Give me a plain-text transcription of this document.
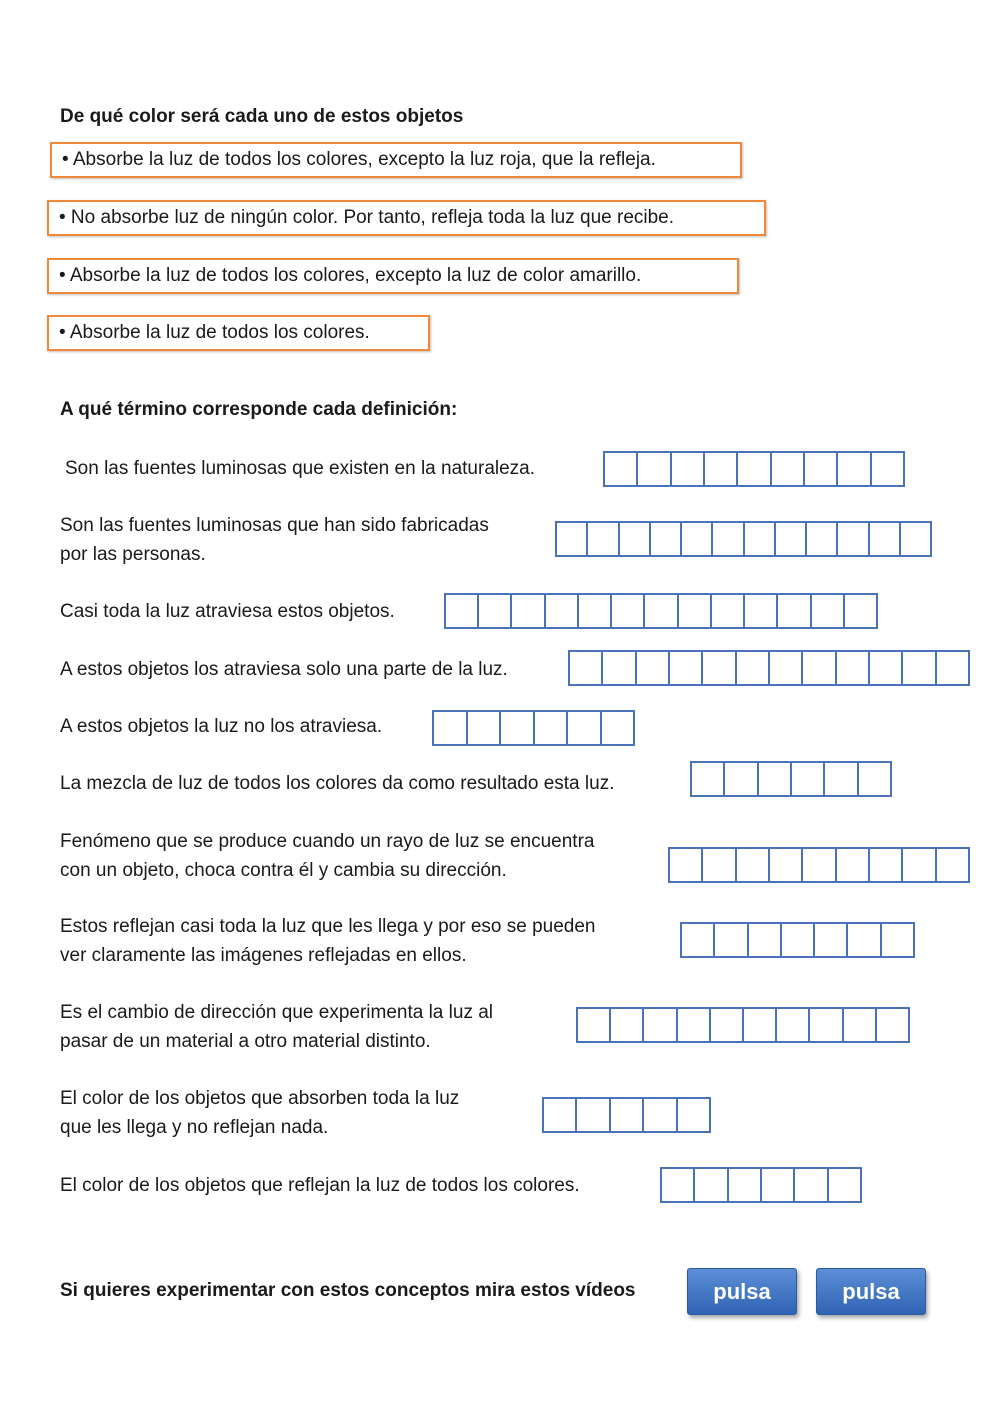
De qué color será cada uno de estos objetos
• Absorbe la luz de todos los colores, excepto la luz roja, que la refleja.
• No absorbe luz de ningún color. Por tanto, refleja toda la luz que recibe.
• Absorbe la luz de todos los colores, excepto la luz de color amarillo.
• Absorbe la luz de todos los colores.
A qué término corresponde cada definición:
Son las fuentes luminosas que existen en la naturaleza.
Son las fuentes luminosas que han sido fabricadas
por las personas.
Casi toda la luz atraviesa estos objetos.
A estos objetos los atraviesa solo una parte de la luz.
A estos objetos la luz no los atraviesa.
La mezcla de luz de todos los colores da como resultado esta luz.
Fenómeno que se produce cuando un rayo de luz se encuentra
con un objeto, choca contra él y cambia su dirección.
Estos reflejan casi toda la luz que les llega y por eso se pueden
ver claramente las imágenes reflejadas en ellos.
Es el cambio de dirección que experimenta la luz al
pasar de un material a otro material distinto.
El color de los objetos que absorben toda la luz
que les llega y no reflejan nada.
El color de los objetos que reflejan la luz de todos los colores.
Si quieres experimentar con estos conceptos mira estos vídeos	pulsa	pulsa
